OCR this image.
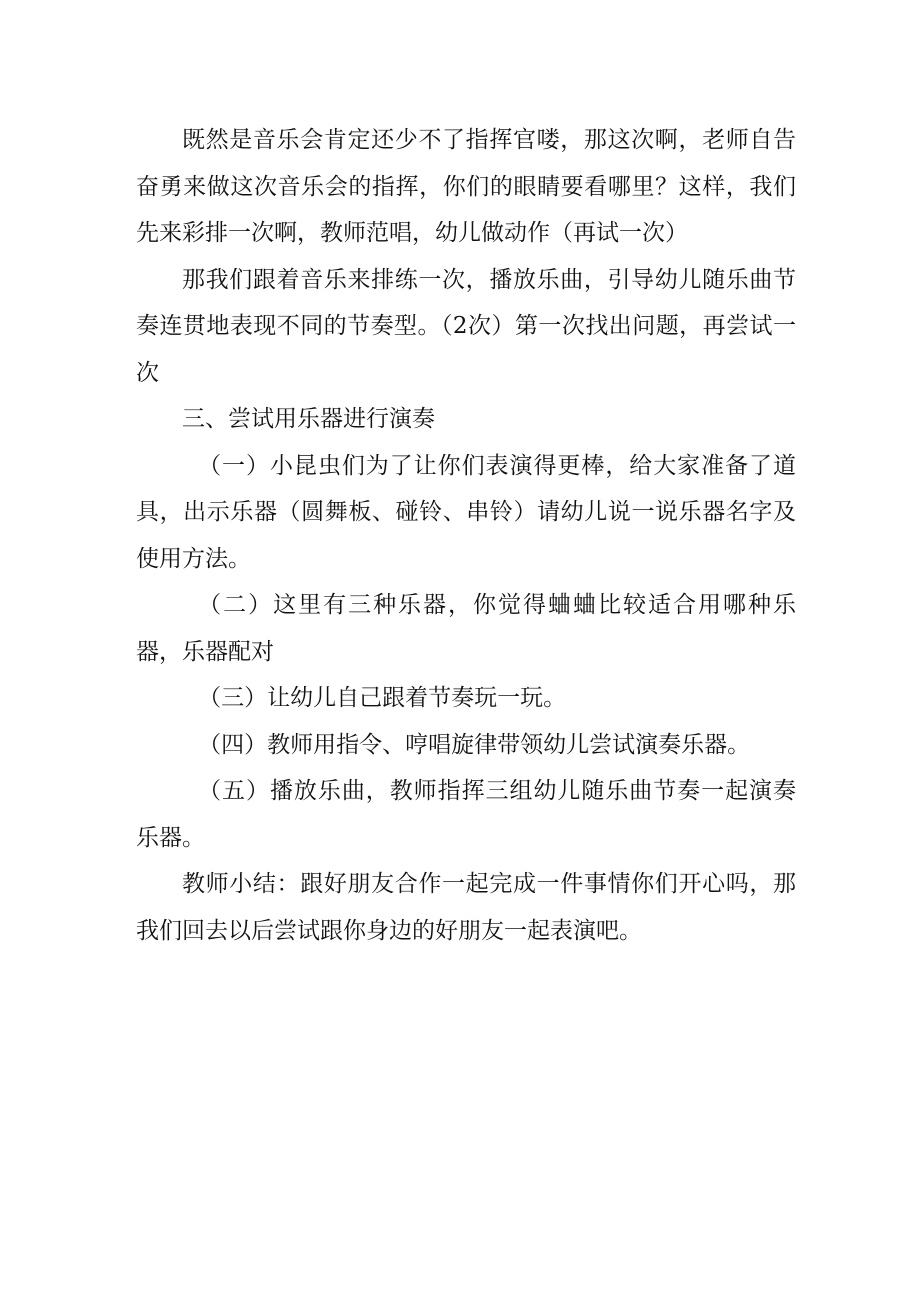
既然是音乐会肯定还少不了指挥官喽，那这次啊，老师自告奋勇来做这次音乐会的指挥，你们的眼睛要看哪里？这样，我们先来彩排一次啊，教师范唱，幼儿做动作（再试一次）

那我们跟着音乐来排练一次，播放乐曲，引导幼儿随乐曲节奏连贯地表现不同的节奏型。（2次）第一次找出问题，再尝试一次

三、尝试用乐器进行演奏

（一）小昆虫们为了让你们表演得更棒，给大家准备了道具，出示乐器（圆舞板、碰铃、串铃）请幼儿说一说乐器名字及使用方法。

（二）这里有三种乐器，你觉得蛐蛐比较适合用哪种乐器，乐器配对

（三）让幼儿自己跟着节奏玩一玩。

（四）教师用指令、哼唱旋律带领幼儿尝试演奏乐器。

（五）播放乐曲，教师指挥三组幼儿随乐曲节奏一起演奏乐器。

教师小结：跟好朋友合作一起完成一件事情你们开心吗，那我们回去以后尝试跟你身边的好朋友一起表演吧。
